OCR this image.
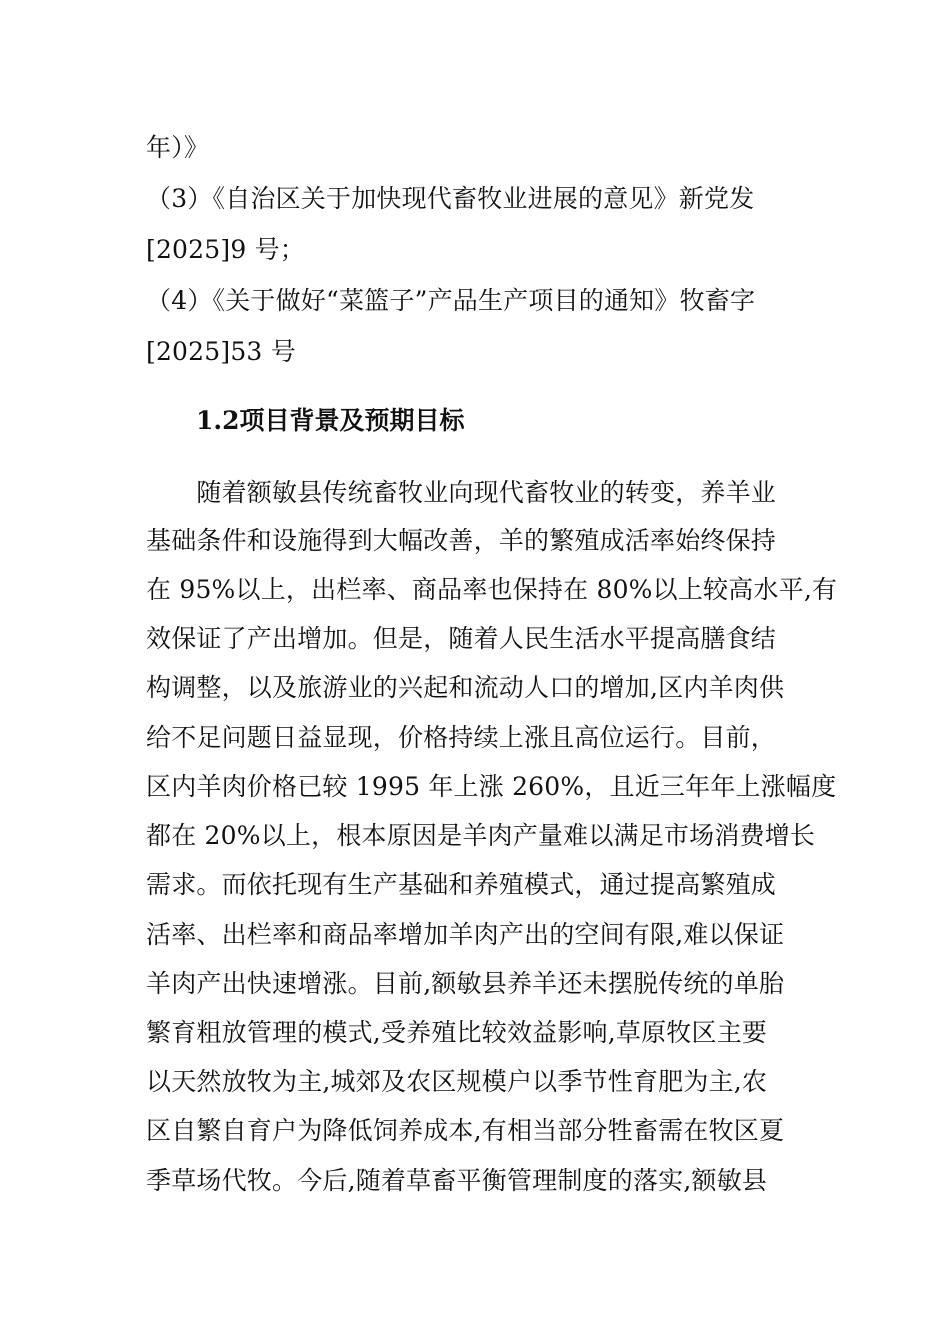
年）》
（3）《自治区关于加快现代畜牧业进展的意见》新党发
[2025]9 号；
（4）《关于做好“菜篮子”产品生产项目的通知》牧畜字
[2025]53 号
1.2项目背景及预期目标
　　随着额敏县传统畜牧业向现代畜牧业的转变，养羊业
基础条件和设施得到大幅改善，羊的繁殖成活率始终保持
在 95%以上，出栏率、商品率也保持在 80%以上较高水平,有
效保证了产出增加。但是，随着人民生活水平提高膳食结
构调整，以及旅游业的兴起和流动人口的增加,区内羊肉供
给不足问题日益显现，价格持续上涨且高位运行。目前，
区内羊肉价格已较 1995 年上涨 260%，且近三年年上涨幅度
都在 20%以上，根本原因是羊肉产量难以满足市场消费增长
需求。而依托现有生产基础和养殖模式，通过提高繁殖成
活率、出栏率和商品率增加羊肉产出的空间有限,难以保证
羊肉产出快速增涨。目前,额敏县养羊还未摆脱传统的单胎
繁育粗放管理的模式,受养殖比较效益影响,草原牧区主要
以天然放牧为主,城郊及农区规模户以季节性育肥为主,农
区自繁自育户为降低饲养成本,有相当部分牲畜需在牧区夏
季草场代牧。今后,随着草畜平衡管理制度的落实,额敏县
